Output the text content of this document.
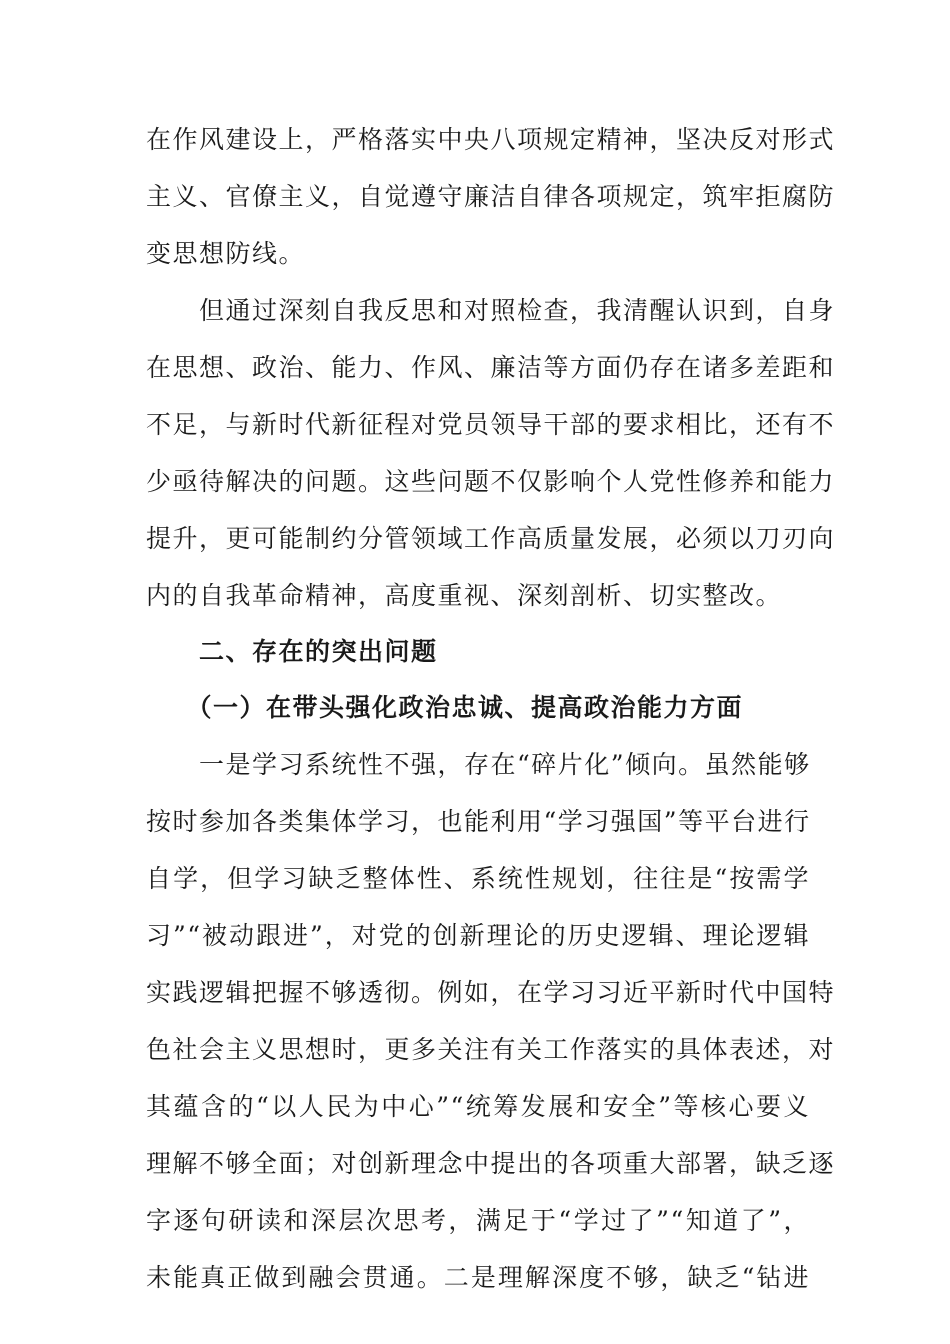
在作风建设上，严格落实中央八项规定精神，坚决反对形式
主义、官僚主义，自觉遵守廉洁自律各项规定，筑牢拒腐防
变思想防线。
　　但通过深刻自我反思和对照检查，我清醒认识到，自身
在思想、政治、能力、作风、廉洁等方面仍存在诸多差距和
不足，与新时代新征程对党员领导干部的要求相比，还有不
少亟待解决的问题。这些问题不仅影响个人党性修养和能力
提升，更可能制约分管领域工作高质量发展，必须以刀刃向
内的自我革命精神，高度重视、深刻剖析、切实整改。
　　二、存在的突出问题
　　（一）在带头强化政治忠诚、提高政治能力方面
　　一是学习系统性不强，存在“碎片化”倾向。虽然能够
按时参加各类集体学习，也能利用“学习强国”等平台进行
自学，但学习缺乏整体性、系统性规划，往往是“按需学
习”“被动跟进”，对党的创新理论的历史逻辑、理论逻辑
实践逻辑把握不够透彻。例如，在学习习近平新时代中国特
色社会主义思想时，更多关注有关工作落实的具体表述，对
其蕴含的“以人民为中心”“统筹发展和安全”等核心要义
理解不够全面；对创新理念中提出的各项重大部署，缺乏逐
字逐句研读和深层次思考，满足于“学过了”“知道了”，
未能真正做到融会贯通。二是理解深度不够，缺乏“钻进
